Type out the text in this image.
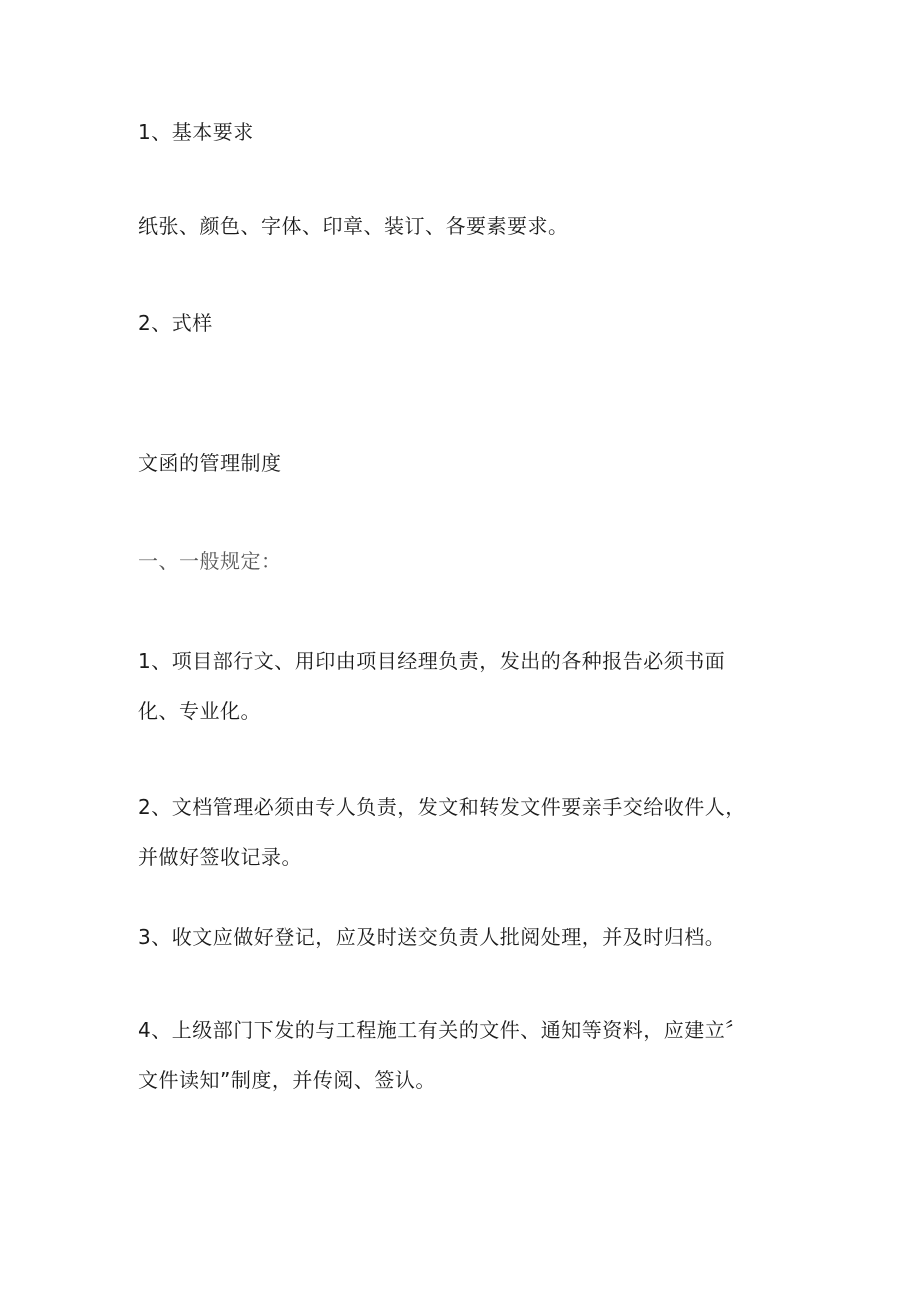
1、基本要求
纸张、颜色、字体、印章、装订、各要素要求。
2、式样
文函的管理制度
一、一般规定：
1、项目部行文、用印由项目经理负责，发出的各种报告必须书面
化、专业化。
2、文档管理必须由专人负责，发文和转发文件要亲手交给收件人，
并做好签收记录。
3、收文应做好登记，应及时送交负责人批阅处理，并及时归档。
4、上级部门下发的与工程施工有关的文件、通知等资料，应建立〞
文件读知”制度，并传阅、签认。
